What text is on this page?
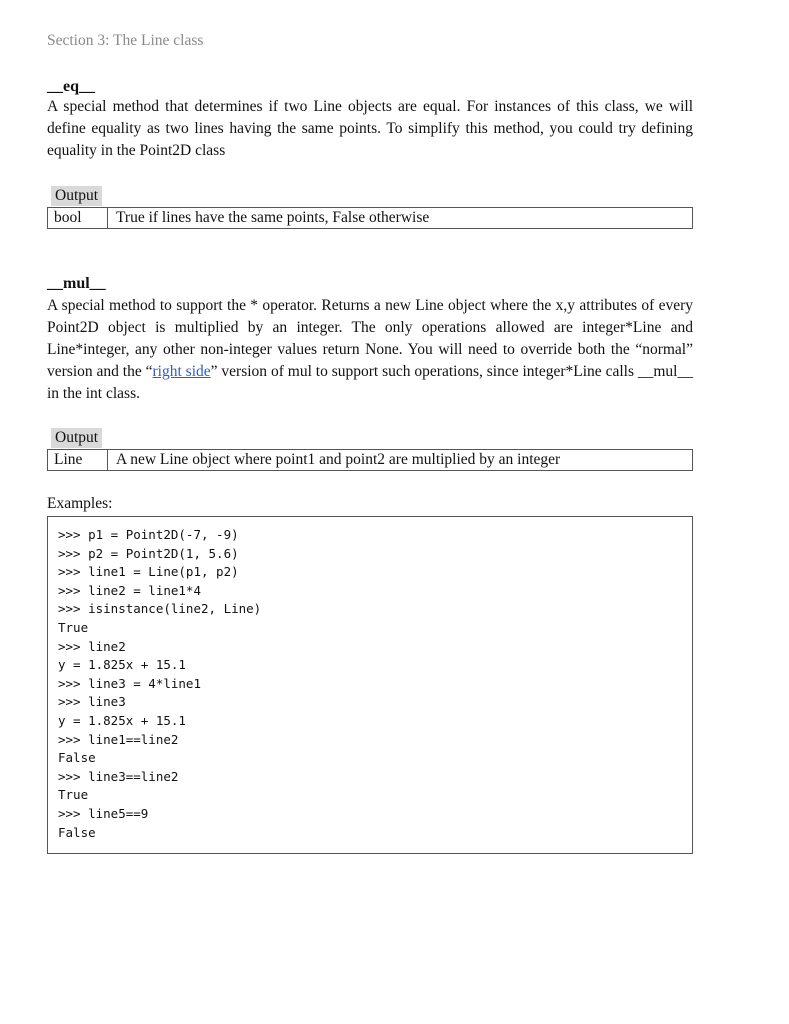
Section 3: The Line class
__eq__
A special method that determines if two Line objects are equal. For instances of this class, we will define equality as two lines having the same points. To simplify this method, you could try defining equality in the Point2D class
Output
bool	True if lines have the same points, False otherwise
__mul__
A special method to support the * operator. Returns a new Line object where the x,y attributes of every Point2D object is multiplied by an integer. The only operations allowed are integer*Line and Line*integer, any other non-integer values return None. You will need to override both the “normal” version and the “right side” version of mul to support such operations, since integer*Line calls __mul__ in the int class.
Output
Line	A new Line object where point1 and point2 are multiplied by an integer
Examples:
>>> p1 = Point2D(-7, -9)
>>> p2 = Point2D(1, 5.6)
>>> line1 = Line(p1, p2)
>>> line2 = line1*4
>>> isinstance(line2, Line)
True
>>> line2
y = 1.825x + 15.1
>>> line3 = 4*line1
>>> line3
y = 1.825x + 15.1
>>> line1==line2
False
>>> line3==line2
True
>>> line5==9
False
